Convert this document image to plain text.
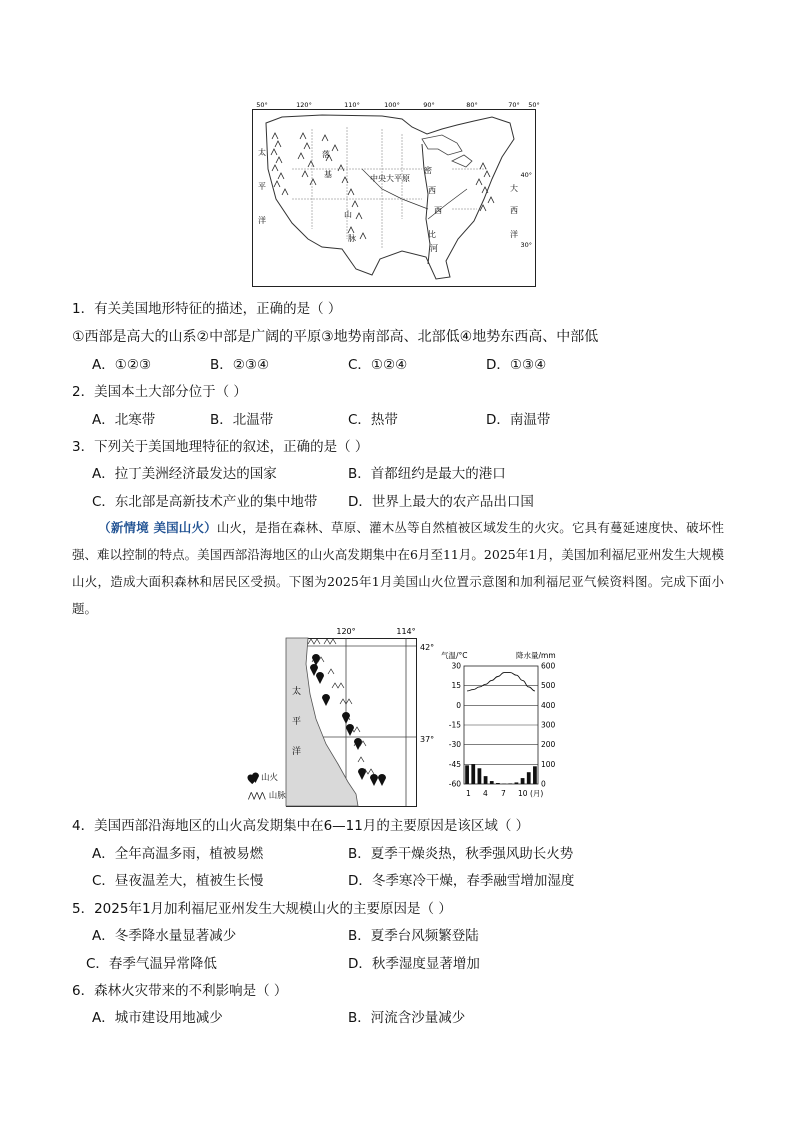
50°	120°	110°	100°	90°	80°	70° 50°
40°
30°
太
平
洋
落
基
山
脉
中央大平原
密
西
西
比
河
大
西
洋
1．有关美国地形特征的描述，正确的是（ ）
①西部是高大的山系②中部是广阔的平原③地势南部高、北部低④地势东西高、中部低
A．①②③	B．②③④	C．①②④	D．①③④
2．美国本土大部分位于（ ）
A．北寒带	B．北温带	C．热带	D．南温带
3．下列关于美国地理特征的叙述，正确的是（ ）
A．拉丁美洲经济最发达的国家	B．首都纽约是最大的港口
C．东北部是高新技术产业的集中地带 D．世界上最大的农产品出口国
（新情境 美国山火）山火，是指在森林、草原、灌木丛等自然植被区域发生的火灾。它具有蔓延速度快、破坏性强、难以控制的特点。美国西部沿海地区的山火高发期集中在6月至11月。2025年1月，美国加利福尼亚州发生大规模山火，造成大面积森林和居民区受损。下图为2025年1月美国山火位置示意图和加利福尼亚气候资料图。完成下面小题。
120°	114°
42°
37°
太
平
洋
气温/°C	降水量/mm
30
15
0
-15
-30
-45
-60
600
500
400
300
200
100
0
1 4 7 10 (月)
山火
⋀⋀⋀ 山脉
4．美国西部沿海地区的山火高发期集中在6—11月的主要原因是该区域（ ）
A．全年高温多雨，植被易燃	B．夏季干燥炎热，秋季强风助长火势
C．昼夜温差大，植被生长慢	D．冬季寒冷干燥，春季融雪增加湿度
5．2025年1月加利福尼亚州发生大规模山火的主要原因是（ ）
A．冬季降水量显著减少	B．夏季台风频繁登陆
C．春季气温异常降低	D．秋季湿度显著增加
6．森林火灾带来的不利影响是（ ）
A．城市建设用地减少	B．河流含沙量减少
